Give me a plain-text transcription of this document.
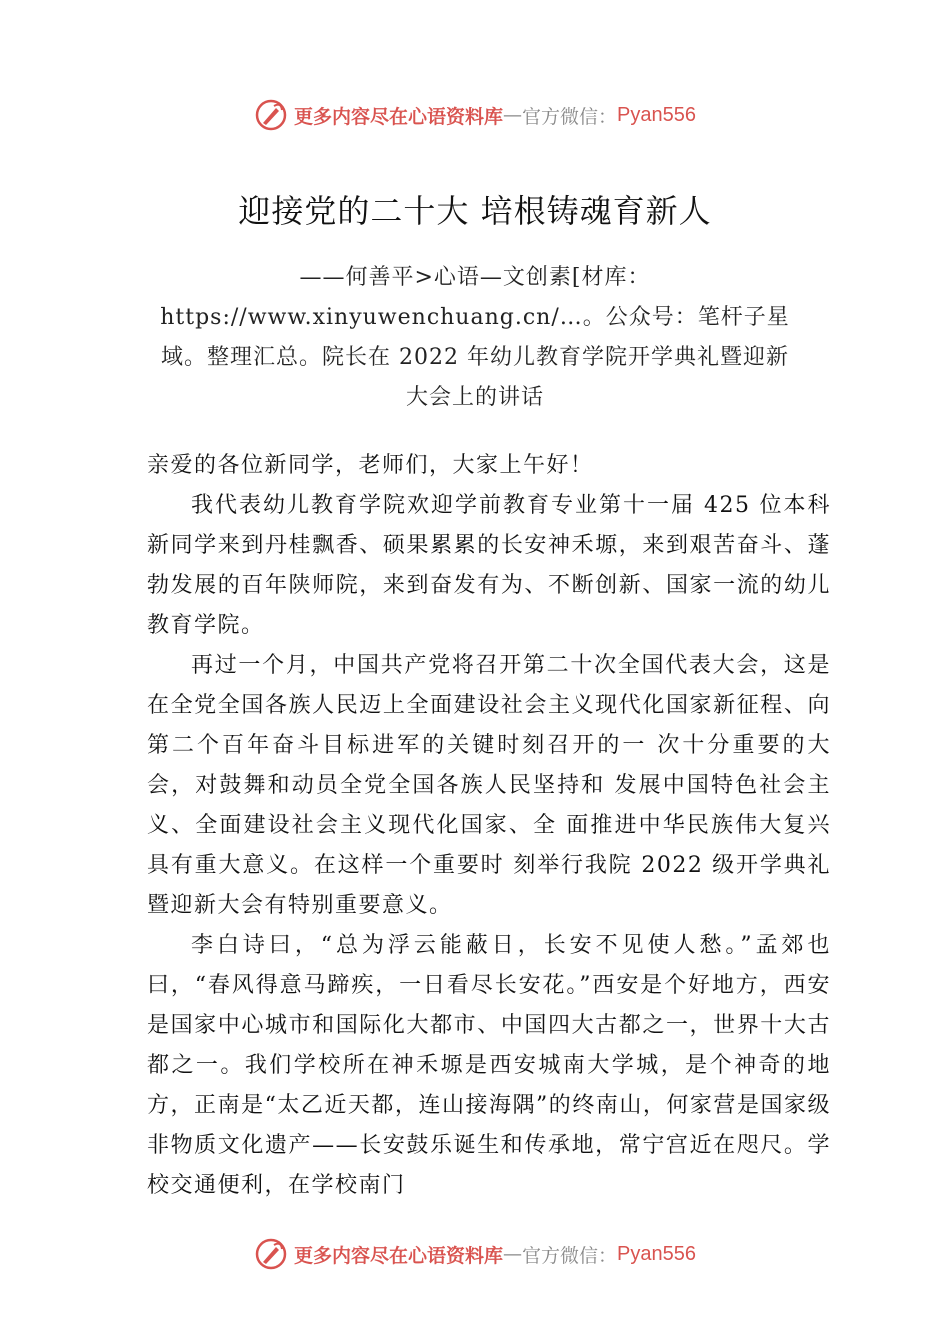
更多内容尽在心语资料库 — 官方微信： Pyan556
迎接党的二十大 培根铸魂育新人
——何善平>心语—文创素[材库：https://www.xinyuwenchuang.cn/…。公众号：笔杆子星域。整理汇总。院长在 2022 年幼儿教育学院开学典礼暨迎新大会上的讲话

亲爱的各位新同学，老师们，大家上午好！

我代表幼儿教育学院欢迎学前教育专业第十一届 425 位本科新同学来到丹桂飘香、硕果累累的长安神禾塬，来到艰苦奋斗、蓬勃发展的百年陕师院，来到奋发有为、不断创新、国家一流的幼儿教育学院。

再过一个月，中国共产党将召开第二十次全国代表大会，这是在全党全国各族人民迈上全面建设社会主义现代化国家新征程、向第二个百年奋斗目标进军的关键时刻召开的一 次十分重要的大会，对鼓舞和动员全党全国各族人民坚持和 发展中国特色社会主义、全面建设社会主义现代化国家、全 面推进中华民族伟大复兴具有重大意义。在这样一个重要时 刻举行我院 2022 级开学典礼暨迎新大会有特别重要意义。

李白诗曰，“总为浮云能蔽日，长安不见使人愁。”孟郊也曰，“春风得意马蹄疾，一日看尽长安花。”西安是个好地方，西安是国家中心城市和国际化大都市、中国四大古都之一，世界十大古都之一。我们学校所在神禾塬是西安城南大学城，是个神奇的地方，正南是“太乙近天都，连山接海隅”的终南山，何家营是国家级非物质文化遗产——长安鼓乐诞生和传承地，常宁宫近在咫尺。学校交通便利，在学校南门

更多内容尽在心语资料库 — 官方微信： Pyan556
